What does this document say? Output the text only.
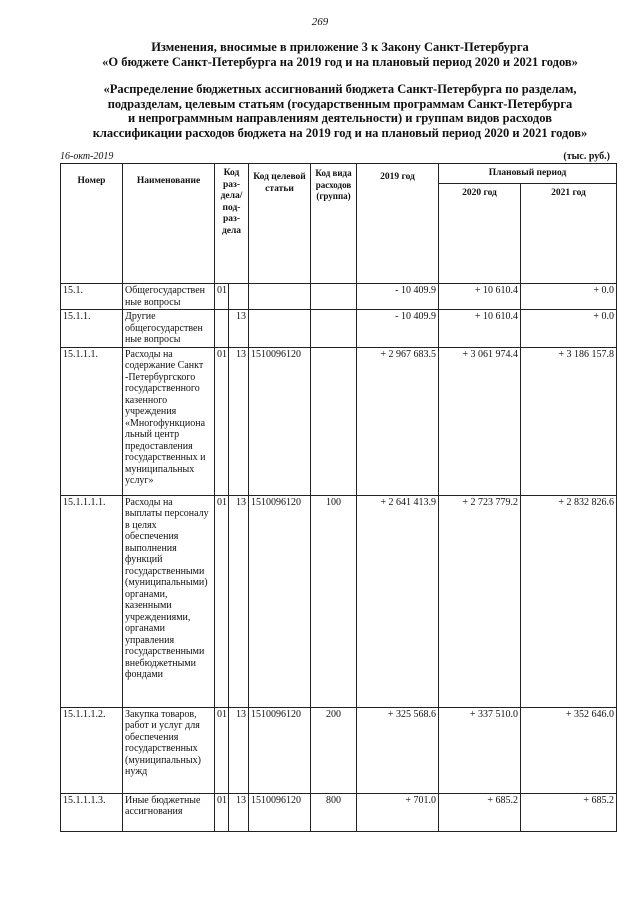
269
Изменения, вносимые в приложение 3 к Закону Санкт-Петербурга
«О бюджете Санкт-Петербурга на 2019 год и на плановый период 2020 и 2021 годов»
«Распределение бюджетных ассигнований бюджета Санкт-Петербурга по разделам,
подразделам, целевым статьям (государственным программам Санкт-Петербурга
и непрограммным направлениям деятельности) и группам видов расходов
классификации расходов бюджета на 2019 год и на плановый период 2020 и 2021 годов»
16-окт-2019	(тыс. руб.)
Номер	Наименование	Код раз-дела/ под-раз-дела		Код целевой статьи	Код вида расходов (группа)	2019 год	Плановый период	
							2020 год	2021 год
15.1.	Общегосударствен ные вопросы	01				- 10 409.9	+ 10 610.4	+ 0.0
15.1.1.	Другие общегосударствен ные вопросы		13			- 10 409.9	+ 10 610.4	+ 0.0
15.1.1.1.	Расходы на содержание Санкт -Петербургского государственного казенного учреждения «Многофункциона льный центр предоставления государственных и муниципальных услуг»	01	13	1510096120		+ 2 967 683.5	+ 3 061 974.4	+ 3 186 157.8
15.1.1.1.1.	Расходы на выплаты персоналу в целях обеспечения выполнения функций государственными (муниципальными) органами, казенными учреждениями, органами управления государственными внебюджетными фондами	01	13	1510096120	100	+ 2 641 413.9	+ 2 723 779.2	+ 2 832 826.6
15.1.1.1.2.	Закупка товаров, работ и услуг для обеспечения государственных (муниципальных) нужд	01	13	1510096120	200	+ 325 568.6	+ 337 510.0	+ 352 646.0
15.1.1.1.3.	Иные бюджетные ассигнования	01	13	1510096120	800	+ 701.0	+ 685.2	+ 685.2
